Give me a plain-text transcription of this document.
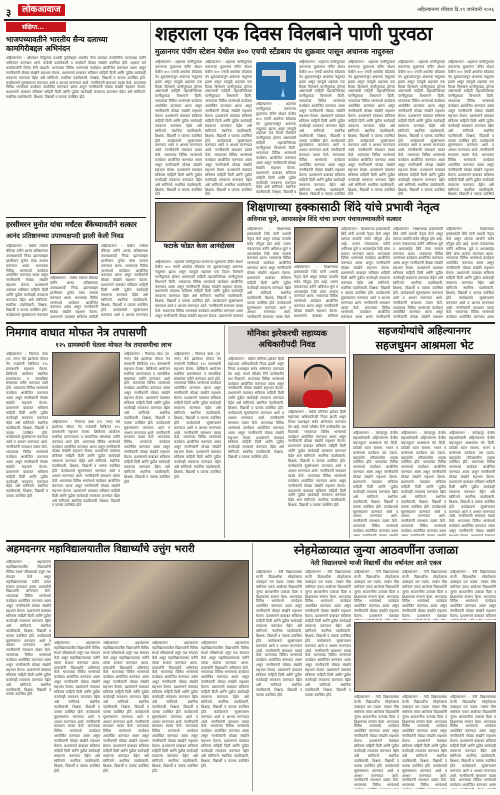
३	लोकआवाज	अहिल्यानगर रविवार दि.११ जानेवारी २०२६
संक्षिप्त...
भाजपच्यावतीने भारतीय सैन्य दलाच्या कामगिरीबद्दल अभिनंदन
अहिल्यानगर : ऑपरेशन सिंदूरच्या यशस्वी पूर्ततेबद्दल भारतीय सैन्य दलाच्या कामगिरीचे भाजपच्या वतीने अभिनंदन करण्यात आले. यावेळी पदाधिकारी व कार्यकर्ते मोठ्या संख्येने उपस्थित होते. शहरात सर्व कार्यकर्त्यांनी तिरंगा रॅली काढली. भारताच्या विविध भागांमध्ये कार्यक्रम आयोजित करण्यात आला असून नागरिकांनी मोठ्या संख्येने सहभाग घेतला. प्रशासनाने याबाबत सविस्तर माहिती दिली आणि पुढील कार्यवाही लवकरच करण्यात येईल असे सांगितले. स्थानिक पदाधिकारी, शिक्षक, विद्यार्थी व पालक उपस्थित होते. कार्यक्रमाचे सूत्रसंचालन करण्यात आले व आभार मानण्यात आले. नागरिकांनी समाधान व्यक्त केले. भारताच्या विविध भागांमध्ये कार्यक्रम आयोजित करण्यात आला असून नागरिकांनी मोठ्या संख्येने सहभाग घेतला. प्रशासनाने याबाबत सविस्तर माहिती दिली आणि पुढील कार्यवाही लवकरच करण्यात येईल असे सांगितले. स्थानिक पदाधिकारी, शिक्षक, विद्यार्थी व पालक उपस्थित होते.
हरसीमरन मुनोत यांचा मर्चंटस बँकेच्यावतीने सत्कार
आनंद प्रतिष्ठानच्या उपाध्यक्षपदी झाली केली निवड
अहिल्यानगर : येथील मर्चंटस बँकेच्या वतीने आनंद प्रतिष्ठानच्या उपाध्यक्षपदी निवड झाल्याबद्दल हरसीमरन मुनोत यांचा सत्कार करण्यात आला. भारताच्या विविध भागांमध्ये कार्यक्रम आयोजित करण्यात आला असून नागरिकांनी मोठ्या संख्येने सहभाग घेतला. प्रशासनाने याबाबत सविस्तर माहिती दिली आणि पुढील कार्यवाही लवकरच करण्यात येईल असे सांगितले. स्थानिक पदाधिकारी, शिक्षक, विद्यार्थी व पालक उपस्थित होते. कार्यक्रमाचे सूत्रसंचालन करण्यात आले व आभार मानण्यात आले. नागरिकांनी समाधान व्यक्त केले. भारताच्या विविध भागांमध्ये कार्यक्रम आयोजित करण्यात आला असून नागरिकांनी मोठ्या संख्येने सहभाग घेतला. प्रशासनाने याबाबत सविस्तर माहिती दिली आणि पुढील कार्यवाही लवकरच करण्यात येईल असे सांगितले. स्थानिक पदाधिकारी, शिक्षक, विद्यार्थी व पालक उपस्थित होते.
अहिल्यानगर : येथील मर्चंटस बँकेच्या वतीने आनंद प्रतिष्ठानच्या उपाध्यक्षपदी निवड झाल्याबद्दल हरसीमरन मुनोत यांचा सत्कार करण्यात आला. भारताच्या विविध भागांमध्ये कार्यक्रम आयोजित करण्यात आला असून नागरिकांनी मोठ्या संख्येने सहभाग घेतला. प्रशासनाने याबाबत सविस्तर माहिती दिली आणि पुढील कार्यवाही लवकरच करण्यात येईल असे सांगितले. स्थानिक पदाधिकारी, शिक्षक, विद्यार्थी व पालक उपस्थित होते. कार्यक्रमाचे सूत्रसंचालन करण्यात आले व आभार मानण्यात आले. नागरिकांनी समाधान व्यक्त केले. भारताच्या विविध भागांमध्ये कार्यक्रम आयोजित करण्यात आला असून नागरिकांनी मोठ्या संख्येने सहभाग घेतला. प्रशासनाने याबाबत सविस्तर माहिती दिली आणि पुढील कार्यवाही लवकरच करण्यात येईल असे सांगितले. स्थानिक पदाधिकारी, शिक्षक, विद्यार्थी व पालक उपस्थित होते.
अहिल्यानगर : येथील मर्चंटस बँकेच्या वतीने आनंद प्रतिष्ठानच्या उपाध्यक्षपदी निवड झाल्याबद्दल हरसीमरन मुनोत यांचा सत्कार करण्यात आला. भारताच्या विविध भागांमध्ये कार्यक्रम आयोजित करण्यात आला असून नागरिकांनी मोठ्या संख्येने सहभाग घेतला. प्रशासनाने याबाबत सविस्तर माहिती दिली आणि पुढील कार्यवाही लवकरच करण्यात येईल असे सांगितले. स्थानिक पदाधिकारी, शिक्षक, विद्यार्थी व पालक उपस्थित होते. कार्यक्रमाचे सूत्रसंचालन करण्यात आले व आभार मानण्यात आले. नागरिकांनी समाधान व्यक्त केले. भारताच्या विविध भागांमध्ये कार्यक्रम आयोजित करण्यात आला असून नागरिकांनी मोठ्या संख्येने सहभाग घेतला. प्रशासनाने याबाबत सविस्तर माहिती दिली आणि पुढील कार्यवाही लवकरच करण्यात येईल असे सांगितले. स्थानिक पदाधिकारी, शिक्षक, विद्यार्थी व पालक उपस्थित होते.
शहराला एक दिवस विलबाने पाणी पुरवठा
मुळानगर पंपींग स्टेशन येथील ४०० एचपी स्टँडबाय पंप शुक्रवार पासून अचानक नादुरुस्त
अहिल्यानगर : शहराला पाणीपुरवठा करणाऱ्या मुळानगर पंपिंग स्टेशन येथील ४०० एचपी क्षमतेचा स्टँडबाय पंप शुक्रवारपासून अचानक नादुरुस्त झाला असून त्यामुळे शहराला एक दिवस विलंबाने पाणीपुरवठा होणार असल्याची माहिती महापालिकेच्या पाणीपुरवठा विभागाने दिली. भारताच्या विविध भागांमध्ये कार्यक्रम आयोजित करण्यात आला असून नागरिकांनी मोठ्या संख्येने सहभाग घेतला. प्रशासनाने याबाबत सविस्तर माहिती दिली आणि पुढील कार्यवाही लवकरच करण्यात येईल असे सांगितले. स्थानिक पदाधिकारी, शिक्षक, विद्यार्थी व पालक उपस्थित होते. कार्यक्रमाचे सूत्रसंचालन करण्यात आले व आभार मानण्यात आले. नागरिकांनी समाधान व्यक्त केले. भारताच्या विविध भागांमध्ये कार्यक्रम आयोजित करण्यात आला असून नागरिकांनी मोठ्या संख्येने सहभाग घेतला. प्रशासनाने याबाबत सविस्तर माहिती दिली आणि पुढील कार्यवाही लवकरच करण्यात येईल असे सांगितले. स्थानिक पदाधिकारी, शिक्षक, विद्यार्थी व पालक उपस्थित होते.
अहिल्यानगर : शहराला पाणीपुरवठा करणाऱ्या मुळानगर पंपिंग स्टेशन येथील ४०० एचपी क्षमतेचा स्टँडबाय पंप शुक्रवारपासून अचानक नादुरुस्त झाला असून त्यामुळे शहराला एक दिवस विलंबाने पाणीपुरवठा होणार असल्याची माहिती महापालिकेच्या पाणीपुरवठा विभागाने दिली. भारताच्या विविध भागांमध्ये कार्यक्रम आयोजित करण्यात आला असून नागरिकांनी मोठ्या संख्येने सहभाग घेतला. प्रशासनाने याबाबत सविस्तर माहिती दिली आणि पुढील कार्यवाही लवकरच करण्यात येईल असे सांगितले. स्थानिक पदाधिकारी, शिक्षक, विद्यार्थी व पालक उपस्थित होते. कार्यक्रमाचे सूत्रसंचालन करण्यात आले व आभार मानण्यात आले. नागरिकांनी समाधान व्यक्त केले. भारताच्या विविध भागांमध्ये कार्यक्रम आयोजित करण्यात आला असून नागरिकांनी मोठ्या संख्येने सहभाग घेतला. प्रशासनाने याबाबत सविस्तर माहिती दिली आणि पुढील कार्यवाही लवकरच करण्यात येईल असे सांगितले. स्थानिक पदाधिकारी, शिक्षक, विद्यार्थी व पालक उपस्थित होते.
अहिल्यानगर : शहराला पाणीपुरवठा करणाऱ्या मुळानगर पंपिंग स्टेशन येथील ४०० एचपी क्षमतेचा स्टँडबाय पंप शुक्रवारपासून अचानक नादुरुस्त झाला असून त्यामुळे शहराला एक दिवस विलंबाने पाणीपुरवठा होणार असल्याची माहिती महापालिकेच्या पाणीपुरवठा विभागाने दिली. भारताच्या विविध भागांमध्ये कार्यक्रम आयोजित करण्यात आला असून नागरिकांनी मोठ्या संख्येने सहभाग घेतला. प्रशासनाने याबाबत सविस्तर माहिती दिली आणि पुढील कार्यवाही लवकरच करण्यात येईल असे सांगितले. स्थानिक पदाधिकारी, शिक्षक, विद्यार्थी व पालक उपस्थित होते. कार्यक्रमाचे सूत्रसंचालन करण्यात आले व आभार मानण्यात आले. नागरिकांनी समाधान व्यक्त केले. भारताच्या विविध भागांमध्ये कार्यक्रम आयोजित करण्यात आला असून नागरिकांनी मोठ्या संख्येने सहभाग घेतला. प्रशासनाने याबाबत सविस्तर माहिती दिली आणि पुढील कार्यवाही लवकरच करण्यात येईल असे सांगितले. स्थानिक पदाधिकारी, शिक्षक, विद्यार्थी व पालक उपस्थित होते.
अहिल्यानगर : शहराला पाणीपुरवठा करणाऱ्या मुळानगर पंपिंग स्टेशन येथील ४०० एचपी क्षमतेचा स्टँडबाय पंप शुक्रवारपासून अचानक नादुरुस्त झाला असून त्यामुळे शहराला एक दिवस विलंबाने पाणीपुरवठा होणार असल्याची माहिती महापालिकेच्या पाणीपुरवठा विभागाने दिली. भारताच्या विविध भागांमध्ये कार्यक्रम आयोजित करण्यात आला असून नागरिकांनी मोठ्या संख्येने सहभाग घेतला. प्रशासनाने याबाबत सविस्तर माहिती दिली आणि पुढील कार्यवाही लवकरच करण्यात येईल असे सांगितले. स्थानिक पदाधिकारी, शिक्षक, विद्यार्थी व पालक उपस्थित होते. कार्यक्रमाचे सूत्रसंचालन करण्यात आले व आभार मानण्यात आले. नागरिकांनी समाधान व्यक्त केले. भारताच्या विविध भागांमध्ये कार्यक्रम आयोजित करण्यात आला असून नागरिकांनी मोठ्या संख्येने सहभाग घेतला. प्रशासनाने याबाबत सविस्तर माहिती दिली आणि पुढील कार्यवाही लवकरच करण्यात येईल असे सांगितले. स्थानिक पदाधिकारी, शिक्षक, विद्यार्थी व पालक उपस्थित होते.
अहिल्यानगर : शहराला पाणीपुरवठा करणाऱ्या मुळानगर पंपिंग स्टेशन येथील ४०० एचपी क्षमतेचा स्टँडबाय पंप शुक्रवारपासून अचानक नादुरुस्त झाला असून त्यामुळे शहराला एक दिवस विलंबाने पाणीपुरवठा होणार असल्याची माहिती महापालिकेच्या पाणीपुरवठा विभागाने दिली. भारताच्या विविध भागांमध्ये कार्यक्रम आयोजित करण्यात आला असून नागरिकांनी मोठ्या संख्येने सहभाग घेतला. प्रशासनाने याबाबत सविस्तर माहिती दिली आणि पुढील कार्यवाही लवकरच करण्यात येईल असे सांगितले. स्थानिक पदाधिकारी, शिक्षक, विद्यार्थी व पालक उपस्थित होते. कार्यक्रमाचे सूत्रसंचालन करण्यात आले व आभार मानण्यात आले. नागरिकांनी समाधान व्यक्त केले. भारताच्या विविध भागांमध्ये कार्यक्रम आयोजित करण्यात आला असून नागरिकांनी मोठ्या संख्येने सहभाग घेतला. प्रशासनाने याबाबत सविस्तर माहिती दिली आणि पुढील कार्यवाही लवकरच करण्यात येईल असे सांगितले. स्थानिक पदाधिकारी, शिक्षक, विद्यार्थी व पालक उपस्थित होते.
अहिल्यानगर : शहराला पाणीपुरवठा करणाऱ्या मुळानगर पंपिंग स्टेशन येथील ४०० एचपी क्षमतेचा स्टँडबाय पंप शुक्रवारपासून अचानक नादुरुस्त झाला असून त्यामुळे शहराला एक दिवस विलंबाने पाणीपुरवठा होणार असल्याची माहिती महापालिकेच्या पाणीपुरवठा विभागाने दिली. भारताच्या विविध भागांमध्ये कार्यक्रम आयोजित करण्यात आला असून नागरिकांनी मोठ्या संख्येने सहभाग घेतला. प्रशासनाने याबाबत सविस्तर माहिती दिली आणि पुढील कार्यवाही लवकरच करण्यात येईल असे सांगितले. स्थानिक पदाधिकारी, शिक्षक, विद्यार्थी व पालक उपस्थित होते. कार्यक्रमाचे सूत्रसंचालन करण्यात आले व आभार मानण्यात आले. नागरिकांनी समाधान व्यक्त केले. भारताच्या विविध भागांमध्ये कार्यक्रम आयोजित करण्यात आला असून नागरिकांनी मोठ्या संख्येने सहभाग घेतला. प्रशासनाने याबाबत सविस्तर माहिती दिली आणि पुढील कार्यवाही लवकरच करण्यात येईल असे सांगितले. स्थानिक पदाधिकारी, शिक्षक, विद्यार्थी व पालक उपस्थित होते.
अहिल्यानगर : शहराला पाणीपुरवठा करणाऱ्या मुळानगर पंपिंग स्टेशन येथील ४०० एचपी क्षमतेचा स्टँडबाय पंप शुक्रवारपासून अचानक नादुरुस्त झाला असून त्यामुळे शहराला एक दिवस विलंबाने पाणीपुरवठा होणार असल्याची माहिती महापालिकेच्या पाणीपुरवठा विभागाने दिली. भारताच्या विविध भागांमध्ये कार्यक्रम आयोजित करण्यात आला असून नागरिकांनी मोठ्या संख्येने सहभाग घेतला. प्रशासनाने याबाबत सविस्तर माहिती दिली आणि पुढील कार्यवाही लवकरच करण्यात येईल असे सांगितले. स्थानिक पदाधिकारी, शिक्षक, विद्यार्थी व पालक उपस्थित होते. कार्यक्रमाचे सूत्रसंचालन करण्यात आले व आभार मानण्यात आले. नागरिकांनी समाधान व्यक्त केले. भारताच्या विविध भागांमध्ये कार्यक्रम आयोजित करण्यात आला असून नागरिकांनी मोठ्या संख्येने सहभाग घेतला. प्रशासनाने याबाबत सविस्तर माहिती दिली आणि पुढील कार्यवाही लवकरच करण्यात येईल असे सांगितले. स्थानिक पदाधिकारी, शिक्षक, विद्यार्थी व पालक उपस्थित होते.
फटाके फोडत केला आनंदोत्सव
अहिल्यानगर : शहराला पाणीपुरवठा करणाऱ्या मुळानगर पंपिंग स्टेशन येथील ४०० एचपी क्षमतेचा स्टँडबाय पंप शुक्रवारपासून अचानक नादुरुस्त झाला असून त्यामुळे शहराला एक दिवस विलंबाने पाणीपुरवठा होणार असल्याची माहिती महापालिकेच्या पाणीपुरवठा विभागाने दिली. भारताच्या विविध भागांमध्ये कार्यक्रम आयोजित करण्यात आला असून नागरिकांनी मोठ्या संख्येने सहभाग घेतला. प्रशासनाने याबाबत सविस्तर माहिती दिली आणि पुढील कार्यवाही लवकरच करण्यात येईल असे सांगितले. स्थानिक पदाधिकारी, शिक्षक, विद्यार्थी व पालक उपस्थित होते. कार्यक्रमाचे सूत्रसंचालन करण्यात आले व आभार मानण्यात आले. नागरिकांनी समाधान व्यक्त केले. भारताच्या विविध भागांमध्ये कार्यक्रम आयोजित करण्यात आला असून नागरिकांनी मोठ्या संख्येने सहभाग घेतला. प्रशासनाने याबाबत सविस्तर माहिती दिली आणि पुढील कार्यवाही लवकरच करण्यात येईल असे सांगितले. स्थानिक पदाधिकारी, शिक्षक, विद्यार्थी व पालक उपस्थित होते.
शिक्षणाच्या हक्कासाठी शिंदे यांचे प्रभावी नेतृत्व
अविनाश घुले, आपासाहेब शिंदे यांचा प्रभाग पंचायतच्यावतीने सत्कार
अहिल्यानगर : शिक्षणाच्या हक्कासाठी शिंदे यांनी प्रभावी नेतृत्व केले असून त्यांच्या कार्याचे सर्वत्र कौतुक होत आहे. प्रभाग पंचायतच्या वतीने अविनाश घुले व आपासाहेब शिंदे यांचा सत्कार करण्यात आला. भारताच्या विविध भागांमध्ये कार्यक्रम आयोजित करण्यात आला असून नागरिकांनी मोठ्या संख्येने सहभाग घेतला. प्रशासनाने याबाबत सविस्तर माहिती दिली आणि पुढील कार्यवाही लवकरच करण्यात येईल असे सांगितले. स्थानिक पदाधिकारी, शिक्षक, विद्यार्थी व पालक उपस्थित होते. कार्यक्रमाचे सूत्रसंचालन करण्यात आले व आभार मानण्यात आले. नागरिकांनी समाधान व्यक्त केले. भारताच्या विविध भागांमध्ये कार्यक्रम आयोजित करण्यात आला असून नागरिकांनी मोठ्या संख्येने सहभाग घेतला. प्रशासनाने याबाबत सविस्तर माहिती दिली आणि पुढील कार्यवाही लवकरच करण्यात येईल असे सांगितले. स्थानिक पदाधिकारी, शिक्षक, विद्यार्थी व पालक उपस्थित होते.
अहिल्यानगर : शिक्षणाच्या हक्कासाठी शिंदे यांनी प्रभावी नेतृत्व केले असून त्यांच्या कार्याचे सर्वत्र कौतुक होत आहे. प्रभाग पंचायतच्या वतीने अविनाश घुले व आपासाहेब शिंदे यांचा सत्कार करण्यात आला. भारताच्या विविध भागांमध्ये कार्यक्रम आयोजित करण्यात आला असून नागरिकांनी मोठ्या संख्येने सहभाग घेतला. प्रशासनाने याबाबत सविस्तर माहिती दिली आणि पुढील कार्यवाही लवकरच करण्यात येईल असे सांगितले. स्थानिक पदाधिकारी, शिक्षक, विद्यार्थी व पालक उपस्थित होते. कार्यक्रमाचे सूत्रसंचालन करण्यात आले व आभार मानण्यात आले. नागरिकांनी समाधान व्यक्त केले. भारताच्या विविध भागांमध्ये कार्यक्रम आयोजित करण्यात आला असून नागरिकांनी मोठ्या संख्येने सहभाग घेतला. प्रशासनाने याबाबत सविस्तर माहिती दिली आणि पुढील कार्यवाही लवकरच करण्यात येईल असे सांगितले. स्थानिक पदाधिकारी, शिक्षक, विद्यार्थी व पालक उपस्थित होते.
अहिल्यानगर : शिक्षणाच्या हक्कासाठी शिंदे यांनी प्रभावी नेतृत्व केले असून त्यांच्या कार्याचे सर्वत्र कौतुक होत आहे. प्रभाग पंचायतच्या वतीने अविनाश घुले व आपासाहेब शिंदे यांचा सत्कार करण्यात आला. भारताच्या विविध भागांमध्ये कार्यक्रम आयोजित करण्यात आला असून नागरिकांनी मोठ्या संख्येने सहभाग घेतला. प्रशासनाने याबाबत सविस्तर माहिती दिली आणि पुढील कार्यवाही लवकरच करण्यात येईल असे सांगितले. स्थानिक पदाधिकारी, शिक्षक, विद्यार्थी व पालक उपस्थित होते. कार्यक्रमाचे सूत्रसंचालन करण्यात आले व आभार मानण्यात आले. नागरिकांनी समाधान व्यक्त केले. भारताच्या विविध भागांमध्ये कार्यक्रम आयोजित करण्यात आला असून नागरिकांनी मोठ्या संख्येने सहभाग घेतला. प्रशासनाने याबाबत सविस्तर माहिती दिली आणि पुढील कार्यवाही लवकरच करण्यात येईल असे सांगितले. स्थानिक पदाधिकारी, शिक्षक, विद्यार्थी व पालक उपस्थित होते.
अहिल्यानगर : शिक्षणाच्या हक्कासाठी शिंदे यांनी प्रभावी नेतृत्व केले असून त्यांच्या कार्याचे सर्वत्र कौतुक होत आहे. प्रभाग पंचायतच्या वतीने अविनाश घुले व आपासाहेब शिंदे यांचा सत्कार करण्यात आला. भारताच्या विविध भागांमध्ये कार्यक्रम आयोजित करण्यात आला असून नागरिकांनी मोठ्या संख्येने सहभाग घेतला. प्रशासनाने याबाबत सविस्तर माहिती दिली आणि पुढील कार्यवाही लवकरच करण्यात येईल असे सांगितले. स्थानिक पदाधिकारी, शिक्षक, विद्यार्थी व पालक उपस्थित होते. कार्यक्रमाचे सूत्रसंचालन करण्यात आले व आभार मानण्यात आले. नागरिकांनी समाधान व्यक्त केले. भारताच्या विविध भागांमध्ये कार्यक्रम आयोजित करण्यात आला असून नागरिकांनी मोठ्या संख्येने सहभाग घेतला. प्रशासनाने याबाबत सविस्तर माहिती दिली आणि पुढील कार्यवाही लवकरच करण्यात येईल असे सांगितले. स्थानिक पदाधिकारी, शिक्षक, विद्यार्थी व पालक उपस्थित होते.
अहिल्यानगर : शिक्षणाच्या हक्कासाठी शिंदे यांनी प्रभावी नेतृत्व केले असून त्यांच्या कार्याचे सर्वत्र कौतुक होत आहे. प्रभाग पंचायतच्या वतीने अविनाश घुले व आपासाहेब शिंदे यांचा सत्कार करण्यात आला. भारताच्या विविध भागांमध्ये कार्यक्रम आयोजित करण्यात आला असून नागरिकांनी मोठ्या संख्येने सहभाग घेतला. प्रशासनाने याबाबत सविस्तर माहिती दिली आणि पुढील कार्यवाही लवकरच करण्यात येईल असे सांगितले. स्थानिक पदाधिकारी, शिक्षक, विद्यार्थी व पालक उपस्थित होते. कार्यक्रमाचे सूत्रसंचालन करण्यात आले व आभार मानण्यात आले. नागरिकांनी समाधान व्यक्त केले. भारताच्या विविध भागांमध्ये कार्यक्रम आयोजित करण्यात आला असून नागरिकांनी मोठ्या संख्येने सहभाग घेतला. प्रशासनाने याबाबत सविस्तर माहिती दिली आणि पुढील कार्यवाही लवकरच करण्यात येईल असे सांगितले. स्थानिक पदाधिकारी, शिक्षक, विद्यार्थी व पालक उपस्थित होते.
निमगाव वाघात मोफत नेत्र तपासणी
१२५ ग्रामस्थांनी घेतला मोफत नेत्र तपासणीचा लाभ
अहिल्यानगर : निमगाव वाघा (ता. नगर) येथे झालेल्या मोफत नेत्र तपासणी शिबिरात १२५ ग्रामस्थांनी सहभाग घेतला. शिबिराचे आयोजन स्थानिक ग्रामपंचायत व सामाजिक संस्थांच्या वतीने करण्यात आले होते. भारताच्या विविध भागांमध्ये कार्यक्रम आयोजित करण्यात आला असून नागरिकांनी मोठ्या संख्येने सहभाग घेतला. प्रशासनाने याबाबत सविस्तर माहिती दिली आणि पुढील कार्यवाही लवकरच करण्यात येईल असे सांगितले. स्थानिक पदाधिकारी, शिक्षक, विद्यार्थी व पालक उपस्थित होते. कार्यक्रमाचे सूत्रसंचालन करण्यात आले व आभार मानण्यात आले. नागरिकांनी समाधान व्यक्त केले. भारताच्या विविध भागांमध्ये कार्यक्रम आयोजित करण्यात आला असून नागरिकांनी मोठ्या संख्येने सहभाग घेतला. प्रशासनाने याबाबत सविस्तर माहिती दिली आणि पुढील कार्यवाही लवकरच करण्यात येईल असे सांगितले. स्थानिक पदाधिकारी, शिक्षक, विद्यार्थी व पालक उपस्थित होते.
अहिल्यानगर : निमगाव वाघा (ता. नगर) येथे झालेल्या मोफत नेत्र तपासणी शिबिरात १२५ ग्रामस्थांनी सहभाग घेतला. शिबिराचे आयोजन स्थानिक ग्रामपंचायत व सामाजिक संस्थांच्या वतीने करण्यात आले होते. भारताच्या विविध भागांमध्ये कार्यक्रम आयोजित करण्यात आला असून नागरिकांनी मोठ्या संख्येने सहभाग घेतला. प्रशासनाने याबाबत सविस्तर माहिती दिली आणि पुढील कार्यवाही लवकरच करण्यात येईल असे सांगितले. स्थानिक पदाधिकारी, शिक्षक, विद्यार्थी व पालक उपस्थित होते. कार्यक्रमाचे सूत्रसंचालन करण्यात आले व आभार मानण्यात आले. नागरिकांनी समाधान व्यक्त केले. भारताच्या विविध भागांमध्ये कार्यक्रम आयोजित करण्यात आला असून नागरिकांनी मोठ्या संख्येने सहभाग घेतला. प्रशासनाने याबाबत सविस्तर माहिती दिली आणि पुढील कार्यवाही लवकरच करण्यात येईल असे सांगितले. स्थानिक पदाधिकारी, शिक्षक, विद्यार्थी व पालक उपस्थित होते.
अहिल्यानगर : निमगाव वाघा (ता. नगर) येथे झालेल्या मोफत नेत्र तपासणी शिबिरात १२५ ग्रामस्थांनी सहभाग घेतला. शिबिराचे आयोजन स्थानिक ग्रामपंचायत व सामाजिक संस्थांच्या वतीने करण्यात आले होते. भारताच्या विविध भागांमध्ये कार्यक्रम आयोजित करण्यात आला असून नागरिकांनी मोठ्या संख्येने सहभाग घेतला. प्रशासनाने याबाबत सविस्तर माहिती दिली आणि पुढील कार्यवाही लवकरच करण्यात येईल असे सांगितले. स्थानिक पदाधिकारी, शिक्षक, विद्यार्थी व पालक उपस्थित होते. कार्यक्रमाचे सूत्रसंचालन करण्यात आले व आभार मानण्यात आले. नागरिकांनी समाधान व्यक्त केले. भारताच्या विविध भागांमध्ये कार्यक्रम आयोजित करण्यात आला असून नागरिकांनी मोठ्या संख्येने सहभाग घेतला. प्रशासनाने याबाबत सविस्तर माहिती दिली आणि पुढील कार्यवाही लवकरच करण्यात येईल असे सांगितले. स्थानिक पदाधिकारी, शिक्षक, विद्यार्थी व पालक उपस्थित होते.
अहिल्यानगर : निमगाव वाघा (ता. नगर) येथे झालेल्या मोफत नेत्र तपासणी शिबिरात १२५ ग्रामस्थांनी सहभाग घेतला. शिबिराचे आयोजन स्थानिक ग्रामपंचायत व सामाजिक संस्थांच्या वतीने करण्यात आले होते. भारताच्या विविध भागांमध्ये कार्यक्रम आयोजित करण्यात आला असून नागरिकांनी मोठ्या संख्येने सहभाग घेतला. प्रशासनाने याबाबत सविस्तर माहिती दिली आणि पुढील कार्यवाही लवकरच करण्यात येईल असे सांगितले. स्थानिक पदाधिकारी, शिक्षक, विद्यार्थी व पालक उपस्थित होते. कार्यक्रमाचे सूत्रसंचालन करण्यात आले व आभार मानण्यात आले. नागरिकांनी समाधान व्यक्त केले. भारताच्या विविध भागांमध्ये कार्यक्रम आयोजित करण्यात आला असून नागरिकांनी मोठ्या संख्येने सहभाग घेतला. प्रशासनाने याबाबत सविस्तर माहिती दिली आणि पुढील कार्यवाही लवकरच करण्यात येईल असे सांगितले. स्थानिक पदाधिकारी, शिक्षक, विद्यार्थी व पालक उपस्थित होते.
मोनिका झरेकरची सहाय्यक अधिकारीपदी निवड
अहिल्यानगर : येथील मोनिका झरेकर हिची सहाय्यक अधिकारीपदी निवड झाली असून तिच्या यशाबद्दल सर्वत्र अभिनंदन करण्यात येत आहे. स्पर्धा परीक्षेत तिने उल्लेखनीय यश मिळवले. भारताच्या विविध भागांमध्ये कार्यक्रम आयोजित करण्यात आला असून नागरिकांनी मोठ्या संख्येने सहभाग घेतला. प्रशासनाने याबाबत सविस्तर माहिती दिली आणि पुढील कार्यवाही लवकरच करण्यात येईल असे सांगितले. स्थानिक पदाधिकारी, शिक्षक, विद्यार्थी व पालक उपस्थित होते. कार्यक्रमाचे सूत्रसंचालन करण्यात आले व आभार मानण्यात आले. नागरिकांनी समाधान व्यक्त केले. भारताच्या विविध भागांमध्ये कार्यक्रम आयोजित करण्यात आला असून नागरिकांनी मोठ्या संख्येने सहभाग घेतला. प्रशासनाने याबाबत सविस्तर माहिती दिली आणि पुढील कार्यवाही लवकरच करण्यात येईल असे सांगितले. स्थानिक पदाधिकारी, शिक्षक, विद्यार्थी व पालक उपस्थित होते.
अहिल्यानगर : येथील मोनिका झरेकर हिची सहाय्यक अधिकारीपदी निवड झाली असून तिच्या यशाबद्दल सर्वत्र अभिनंदन करण्यात येत आहे. स्पर्धा परीक्षेत तिने उल्लेखनीय यश मिळवले. भारताच्या विविध भागांमध्ये कार्यक्रम आयोजित करण्यात आला असून नागरिकांनी मोठ्या संख्येने सहभाग घेतला. प्रशासनाने याबाबत सविस्तर माहिती दिली आणि पुढील कार्यवाही लवकरच करण्यात येईल असे सांगितले. स्थानिक पदाधिकारी, शिक्षक, विद्यार्थी व पालक उपस्थित होते. कार्यक्रमाचे सूत्रसंचालन करण्यात आले व आभार मानण्यात आले. नागरिकांनी समाधान व्यक्त केले. भारताच्या विविध भागांमध्ये कार्यक्रम आयोजित करण्यात आला असून नागरिकांनी मोठ्या संख्येने सहभाग घेतला. प्रशासनाने याबाबत सविस्तर माहिती दिली आणि पुढील कार्यवाही लवकरच करण्यात येईल असे सांगितले. स्थानिक पदाधिकारी, शिक्षक, विद्यार्थी व पालक उपस्थित होते.
सहजयोग्यांचे अहिल्यानगर
सहजधुमन आश्रमला भेट
अहिल्यानगर : कोल्हापूर येथील सहजयोग्यांनी अहिल्यानगर येथील सहजधुमन आश्रमाला भेट दिली. यावेळी ध्यान साधना, भजन व सत्संगाचा कार्यक्रम पार पडला. सहजयोग परिवारातील सदस्य उपस्थित होते. भारताच्या विविध भागांमध्ये कार्यक्रम आयोजित करण्यात आला असून नागरिकांनी मोठ्या संख्येने सहभाग घेतला. प्रशासनाने याबाबत सविस्तर माहिती दिली आणि पुढील कार्यवाही लवकरच करण्यात येईल असे सांगितले. स्थानिक पदाधिकारी, शिक्षक, विद्यार्थी व पालक उपस्थित होते. कार्यक्रमाचे सूत्रसंचालन करण्यात आले व आभार मानण्यात आले. नागरिकांनी समाधान व्यक्त केले. भारताच्या विविध भागांमध्ये कार्यक्रम आयोजित करण्यात आला असून नागरिकांनी मोठ्या संख्येने सहभाग घेतला. प्रशासनाने याबाबत सविस्तर माहिती दिली आणि पुढील कार्यवाही लवकरच करण्यात येईल असे सांगितले. स्थानिक पदाधिकारी, शिक्षक, विद्यार्थी व पालक उपस्थित होते.
अहिल्यानगर : कोल्हापूर येथील सहजयोग्यांनी अहिल्यानगर येथील सहजधुमन आश्रमाला भेट दिली. यावेळी ध्यान साधना, भजन व सत्संगाचा कार्यक्रम पार पडला. सहजयोग परिवारातील सदस्य उपस्थित होते. भारताच्या विविध भागांमध्ये कार्यक्रम आयोजित करण्यात आला असून नागरिकांनी मोठ्या संख्येने सहभाग घेतला. प्रशासनाने याबाबत सविस्तर माहिती दिली आणि पुढील कार्यवाही लवकरच करण्यात येईल असे सांगितले. स्थानिक पदाधिकारी, शिक्षक, विद्यार्थी व पालक उपस्थित होते. कार्यक्रमाचे सूत्रसंचालन करण्यात आले व आभार मानण्यात आले. नागरिकांनी समाधान व्यक्त केले. भारताच्या विविध भागांमध्ये कार्यक्रम आयोजित करण्यात आला असून नागरिकांनी मोठ्या संख्येने सहभाग घेतला. प्रशासनाने याबाबत सविस्तर माहिती दिली आणि पुढील कार्यवाही लवकरच करण्यात येईल असे सांगितले. स्थानिक पदाधिकारी, शिक्षक, विद्यार्थी व पालक उपस्थित होते.
अहिल्यानगर : कोल्हापूर येथील सहजयोग्यांनी अहिल्यानगर येथील सहजधुमन आश्रमाला भेट दिली. यावेळी ध्यान साधना, भजन व सत्संगाचा कार्यक्रम पार पडला. सहजयोग परिवारातील सदस्य उपस्थित होते. भारताच्या विविध भागांमध्ये कार्यक्रम आयोजित करण्यात आला असून नागरिकांनी मोठ्या संख्येने सहभाग घेतला. प्रशासनाने याबाबत सविस्तर माहिती दिली आणि पुढील कार्यवाही लवकरच करण्यात येईल असे सांगितले. स्थानिक पदाधिकारी, शिक्षक, विद्यार्थी व पालक उपस्थित होते. कार्यक्रमाचे सूत्रसंचालन करण्यात आले व आभार मानण्यात आले. नागरिकांनी समाधान व्यक्त केले. भारताच्या विविध भागांमध्ये कार्यक्रम आयोजित करण्यात आला असून नागरिकांनी मोठ्या संख्येने सहभाग घेतला. प्रशासनाने याबाबत सविस्तर माहिती दिली आणि पुढील कार्यवाही लवकरच करण्यात येईल असे सांगितले. स्थानिक पदाधिकारी, शिक्षक, विद्यार्थी व पालक उपस्थित होते.
अहमदनगर महाविद्यालयातील विद्यार्थ्यांचे उत्तुंग भरारी
अहिल्यानगर : अहमदनगर महाविद्यालयातील विद्यार्थ्यांनी विविध स्पर्धा परीक्षांमध्ये उत्तुंग यश संपादन केले असून महाविद्यालयाच्या वतीने त्यांचा सत्कार करण्यात आला. प्राचार्यांनी विद्यार्थ्यांचे अभिनंदन केले. भारताच्या विविध भागांमध्ये कार्यक्रम आयोजित करण्यात आला असून नागरिकांनी मोठ्या संख्येने सहभाग घेतला. प्रशासनाने याबाबत सविस्तर माहिती दिली आणि पुढील कार्यवाही लवकरच करण्यात येईल असे सांगितले. स्थानिक पदाधिकारी, शिक्षक, विद्यार्थी व पालक उपस्थित होते. कार्यक्रमाचे सूत्रसंचालन करण्यात आले व आभार मानण्यात आले. नागरिकांनी समाधान व्यक्त केले. भारताच्या विविध भागांमध्ये कार्यक्रम आयोजित करण्यात आला असून नागरिकांनी मोठ्या संख्येने सहभाग घेतला. प्रशासनाने याबाबत सविस्तर माहिती दिली आणि पुढील कार्यवाही लवकरच करण्यात येईल असे सांगितले. स्थानिक पदाधिकारी, शिक्षक, विद्यार्थी व पालक उपस्थित होते.
अहिल्यानगर : अहमदनगर महाविद्यालयातील विद्यार्थ्यांनी विविध स्पर्धा परीक्षांमध्ये उत्तुंग यश संपादन केले असून महाविद्यालयाच्या वतीने त्यांचा सत्कार करण्यात आला. प्राचार्यांनी विद्यार्थ्यांचे अभिनंदन केले. भारताच्या विविध भागांमध्ये कार्यक्रम आयोजित करण्यात आला असून नागरिकांनी मोठ्या संख्येने सहभाग घेतला. प्रशासनाने याबाबत सविस्तर माहिती दिली आणि पुढील कार्यवाही लवकरच करण्यात येईल असे सांगितले. स्थानिक पदाधिकारी, शिक्षक, विद्यार्थी व पालक उपस्थित होते. कार्यक्रमाचे सूत्रसंचालन करण्यात आले व आभार मानण्यात आले. नागरिकांनी समाधान व्यक्त केले. भारताच्या विविध भागांमध्ये कार्यक्रम आयोजित करण्यात आला असून नागरिकांनी मोठ्या संख्येने सहभाग घेतला. प्रशासनाने याबाबत सविस्तर माहिती दिली आणि पुढील कार्यवाही लवकरच करण्यात येईल असे सांगितले. स्थानिक पदाधिकारी, शिक्षक, विद्यार्थी व पालक उपस्थित होते.
अहिल्यानगर : अहमदनगर महाविद्यालयातील विद्यार्थ्यांनी विविध स्पर्धा परीक्षांमध्ये उत्तुंग यश संपादन केले असून महाविद्यालयाच्या वतीने त्यांचा सत्कार करण्यात आला. प्राचार्यांनी विद्यार्थ्यांचे अभिनंदन केले. भारताच्या विविध भागांमध्ये कार्यक्रम आयोजित करण्यात आला असून नागरिकांनी मोठ्या संख्येने सहभाग घेतला. प्रशासनाने याबाबत सविस्तर माहिती दिली आणि पुढील कार्यवाही लवकरच करण्यात येईल असे सांगितले. स्थानिक पदाधिकारी, शिक्षक, विद्यार्थी व पालक उपस्थित होते. कार्यक्रमाचे सूत्रसंचालन करण्यात आले व आभार मानण्यात आले. नागरिकांनी समाधान व्यक्त केले. भारताच्या विविध भागांमध्ये कार्यक्रम आयोजित करण्यात आला असून नागरिकांनी मोठ्या संख्येने सहभाग घेतला. प्रशासनाने याबाबत सविस्तर माहिती दिली आणि पुढील कार्यवाही लवकरच करण्यात येईल असे सांगितले. स्थानिक पदाधिकारी, शिक्षक, विद्यार्थी व पालक उपस्थित होते.
अहिल्यानगर : अहमदनगर महाविद्यालयातील विद्यार्थ्यांनी विविध स्पर्धा परीक्षांमध्ये उत्तुंग यश संपादन केले असून महाविद्यालयाच्या वतीने त्यांचा सत्कार करण्यात आला. प्राचार्यांनी विद्यार्थ्यांचे अभिनंदन केले. भारताच्या विविध भागांमध्ये कार्यक्रम आयोजित करण्यात आला असून नागरिकांनी मोठ्या संख्येने सहभाग घेतला. प्रशासनाने याबाबत सविस्तर माहिती दिली आणि पुढील कार्यवाही लवकरच करण्यात येईल असे सांगितले. स्थानिक पदाधिकारी, शिक्षक, विद्यार्थी व पालक उपस्थित होते. कार्यक्रमाचे सूत्रसंचालन करण्यात आले व आभार मानण्यात आले. नागरिकांनी समाधान व्यक्त केले. भारताच्या विविध भागांमध्ये कार्यक्रम आयोजित करण्यात आला असून नागरिकांनी मोठ्या संख्येने सहभाग घेतला. प्रशासनाने याबाबत सविस्तर माहिती दिली आणि पुढील कार्यवाही लवकरच करण्यात येईल असे सांगितले. स्थानिक पदाधिकारी, शिक्षक, विद्यार्थी व पालक उपस्थित होते.
अहिल्यानगर : अहमदनगर महाविद्यालयातील विद्यार्थ्यांनी विविध स्पर्धा परीक्षांमध्ये उत्तुंग यश संपादन केले असून महाविद्यालयाच्या वतीने त्यांचा सत्कार करण्यात आला. प्राचार्यांनी विद्यार्थ्यांचे अभिनंदन केले. भारताच्या विविध भागांमध्ये कार्यक्रम आयोजित करण्यात आला असून नागरिकांनी मोठ्या संख्येने सहभाग घेतला. प्रशासनाने याबाबत सविस्तर माहिती दिली आणि पुढील कार्यवाही लवकरच करण्यात येईल असे सांगितले. स्थानिक पदाधिकारी, शिक्षक, विद्यार्थी व पालक उपस्थित होते. कार्यक्रमाचे सूत्रसंचालन करण्यात आले व आभार मानण्यात आले. नागरिकांनी समाधान व्यक्त केले. भारताच्या विविध भागांमध्ये कार्यक्रम आयोजित करण्यात आला असून नागरिकांनी मोठ्या संख्येने सहभाग घेतला. प्रशासनाने याबाबत सविस्तर माहिती दिली आणि पुढील कार्यवाही लवकरच करण्यात येईल असे सांगितले. स्थानिक पदाधिकारी, शिक्षक, विद्यार्थी व पालक उपस्थित होते.
स्नेहमेळाव्यात जुन्या आठवणींना उजाळा
नेती विद्यालयाचे माजी विद्यार्थी वीस वर्षानंतर आले एकत्र
अहिल्यानगर : नेती विद्यालयाच्या माजी विद्यार्थ्यांचा स्नेहमेळावा उत्साहात पार पडला. तब्बल वीस वर्षांनंतर एकत्र आलेल्या विद्यार्थ्यांनी जुन्या आठवणींना उजाळा दिला व शिक्षकांचा सन्मान केला. भारताच्या विविध भागांमध्ये कार्यक्रम आयोजित करण्यात आला असून नागरिकांनी मोठ्या संख्येने सहभाग घेतला. प्रशासनाने याबाबत सविस्तर माहिती दिली आणि पुढील कार्यवाही लवकरच करण्यात येईल असे सांगितले. स्थानिक पदाधिकारी, शिक्षक, विद्यार्थी व पालक उपस्थित होते. कार्यक्रमाचे सूत्रसंचालन करण्यात आले व आभार मानण्यात आले. नागरिकांनी समाधान व्यक्त केले. भारताच्या विविध भागांमध्ये कार्यक्रम आयोजित करण्यात आला असून नागरिकांनी मोठ्या संख्येने सहभाग घेतला. प्रशासनाने याबाबत सविस्तर माहिती दिली आणि पुढील कार्यवाही लवकरच करण्यात येईल असे सांगितले. स्थानिक पदाधिकारी, शिक्षक, विद्यार्थी व पालक उपस्थित होते.
अहिल्यानगर : नेती विद्यालयाच्या माजी विद्यार्थ्यांचा स्नेहमेळावा उत्साहात पार पडला. तब्बल वीस वर्षांनंतर एकत्र आलेल्या विद्यार्थ्यांनी जुन्या आठवणींना उजाळा दिला व शिक्षकांचा सन्मान केला. भारताच्या विविध भागांमध्ये कार्यक्रम आयोजित करण्यात आला असून नागरिकांनी मोठ्या संख्येने सहभाग घेतला. प्रशासनाने याबाबत सविस्तर माहिती दिली आणि पुढील कार्यवाही लवकरच करण्यात येईल असे सांगितले. स्थानिक पदाधिकारी, शिक्षक, विद्यार्थी व पालक उपस्थित होते. कार्यक्रमाचे सूत्रसंचालन करण्यात आले व आभार मानण्यात आले. नागरिकांनी समाधान व्यक्त केले. भारताच्या विविध भागांमध्ये कार्यक्रम आयोजित करण्यात आला असून नागरिकांनी मोठ्या संख्येने सहभाग घेतला. प्रशासनाने याबाबत सविस्तर माहिती दिली आणि पुढील कार्यवाही लवकरच करण्यात येईल असे सांगितले. स्थानिक पदाधिकारी, शिक्षक, विद्यार्थी व पालक उपस्थित होते.
अहिल्यानगर : नेती विद्यालयाच्या माजी विद्यार्थ्यांचा स्नेहमेळावा उत्साहात पार पडला. तब्बल वीस वर्षांनंतर एकत्र आलेल्या विद्यार्थ्यांनी जुन्या आठवणींना उजाळा दिला व शिक्षकांचा सन्मान केला. भारताच्या विविध भागांमध्ये कार्यक्रम आयोजित करण्यात आला असून नागरिकांनी मोठ्या संख्येने सहभाग घेतला. प्रशासनाने याबाबत सविस्तर माहिती दिली आणि पुढील कार्यवाही लवकरच करण्यात येईल असे सांगितले. स्थानिक पदाधिकारी, शिक्षक, विद्यार्थी व पालक उपस्थित होते. कार्यक्रमाचे सूत्रसंचालन करण्यात आले व आभार मानण्यात आले. नागरिकांनी समाधान व्यक्त केले. भारताच्या विविध भागांमध्ये कार्यक्रम आयोजित करण्यात आला असून नागरिकांनी मोठ्या संख्येने सहभाग घेतला. प्रशासनाने याबाबत सविस्तर माहिती दिली आणि पुढील कार्यवाही लवकरच करण्यात येईल असे सांगितले. स्थानिक पदाधिकारी, शिक्षक, विद्यार्थी व पालक उपस्थित होते.
अहिल्यानगर : नेती विद्यालयाच्या माजी विद्यार्थ्यांचा स्नेहमेळावा उत्साहात पार पडला. तब्बल वीस वर्षांनंतर एकत्र आलेल्या विद्यार्थ्यांनी जुन्या आठवणींना उजाळा दिला व शिक्षकांचा सन्मान केला. भारताच्या विविध भागांमध्ये कार्यक्रम आयोजित करण्यात आला असून नागरिकांनी मोठ्या संख्येने सहभाग घेतला. प्रशासनाने याबाबत सविस्तर माहिती दिली आणि पुढील कार्यवाही लवकरच करण्यात येईल असे सांगितले. स्थानिक पदाधिकारी, शिक्षक, विद्यार्थी व पालक उपस्थित होते. कार्यक्रमाचे सूत्रसंचालन करण्यात आले व आभार मानण्यात आले. नागरिकांनी समाधान व्यक्त केले. भारताच्या विविध भागांमध्ये कार्यक्रम आयोजित करण्यात आला असून नागरिकांनी मोठ्या संख्येने सहभाग घेतला. प्रशासनाने याबाबत सविस्तर माहिती दिली आणि पुढील कार्यवाही लवकरच करण्यात येईल असे सांगितले. स्थानिक पदाधिकारी, शिक्षक, विद्यार्थी व पालक उपस्थित होते.
अहिल्यानगर : नेती विद्यालयाच्या माजी विद्यार्थ्यांचा स्नेहमेळावा उत्साहात पार पडला. तब्बल वीस वर्षांनंतर एकत्र आलेल्या विद्यार्थ्यांनी जुन्या आठवणींना उजाळा दिला व शिक्षकांचा सन्मान केला. भारताच्या विविध भागांमध्ये कार्यक्रम आयोजित करण्यात आला असून नागरिकांनी मोठ्या संख्येने सहभाग घेतला. प्रशासनाने याबाबत सविस्तर माहिती दिली आणि पुढील कार्यवाही लवकरच करण्यात येईल असे सांगितले. स्थानिक पदाधिकारी, शिक्षक, विद्यार्थी व पालक उपस्थित होते. कार्यक्रमाचे सूत्रसंचालन करण्यात आले व आभार मानण्यात आले. नागरिकांनी समाधान व्यक्त केले. भारताच्या विविध भागांमध्ये कार्यक्रम आयोजित करण्यात आला असून नागरिकांनी मोठ्या संख्येने सहभाग घेतला. प्रशासनाने याबाबत सविस्तर माहिती दिली आणि पुढील कार्यवाही लवकरच करण्यात येईल असे सांगितले. स्थानिक पदाधिकारी, शिक्षक, विद्यार्थी व पालक उपस्थित होते.
अहिल्यानगर : नेती विद्यालयाच्या माजी विद्यार्थ्यांचा स्नेहमेळावा उत्साहात पार पडला. तब्बल वीस वर्षांनंतर एकत्र आलेल्या विद्यार्थ्यांनी जुन्या आठवणींना उजाळा दिला व शिक्षकांचा सन्मान केला. भारताच्या विविध भागांमध्ये कार्यक्रम आयोजित करण्यात आला असून नागरिकांनी मोठ्या संख्येने सहभाग घेतला. प्रशासनाने याबाबत सविस्तर माहिती दिली आणि पुढील कार्यवाही लवकरच करण्यात येईल असे सांगितले. स्थानिक पदाधिकारी, शिक्षक, विद्यार्थी व पालक उपस्थित होते. कार्यक्रमाचे सूत्रसंचालन करण्यात आले व आभार मानण्यात आले. नागरिकांनी समाधान व्यक्त केले. भारताच्या विविध भागांमध्ये कार्यक्रम आयोजित करण्यात आला असून नागरिकांनी मोठ्या संख्येने सहभाग घेतला. प्रशासनाने याबाबत सविस्तर माहिती दिली आणि पुढील कार्यवाही लवकरच करण्यात येईल असे सांगितले. स्थानिक पदाधिकारी, शिक्षक, विद्यार्थी व पालक उपस्थित होते.
अहिल्यानगर : नेती विद्यालयाच्या माजी विद्यार्थ्यांचा स्नेहमेळावा उत्साहात पार पडला. तब्बल वीस वर्षांनंतर एकत्र आलेल्या विद्यार्थ्यांनी जुन्या आठवणींना उजाळा दिला व शिक्षकांचा सन्मान केला. भारताच्या विविध भागांमध्ये कार्यक्रम आयोजित करण्यात आला असून नागरिकांनी मोठ्या संख्येने सहभाग घेतला. प्रशासनाने याबाबत सविस्तर माहिती दिली आणि पुढील कार्यवाही लवकरच करण्यात येईल असे सांगितले. स्थानिक पदाधिकारी, शिक्षक, विद्यार्थी व पालक उपस्थित होते. कार्यक्रमाचे सूत्रसंचालन करण्यात आले व आभार मानण्यात आले. नागरिकांनी समाधान व्यक्त केले. भारताच्या विविध भागांमध्ये कार्यक्रम आयोजित करण्यात आला असून नागरिकांनी मोठ्या संख्येने सहभाग घेतला. प्रशासनाने याबाबत सविस्तर माहिती दिली आणि पुढील कार्यवाही लवकरच करण्यात येईल असे सांगितले. स्थानिक पदाधिकारी, शिक्षक, विद्यार्थी व पालक उपस्थित होते.
अहिल्यानगर : नेती विद्यालयाच्या माजी विद्यार्थ्यांचा स्नेहमेळावा उत्साहात पार पडला. तब्बल वीस वर्षांनंतर एकत्र आलेल्या विद्यार्थ्यांनी जुन्या आठवणींना उजाळा दिला व शिक्षकांचा सन्मान केला. भारताच्या विविध भागांमध्ये कार्यक्रम आयोजित करण्यात आला असून नागरिकांनी मोठ्या संख्येने सहभाग घेतला. प्रशासनाने याबाबत सविस्तर माहिती दिली आणि पुढील कार्यवाही लवकरच करण्यात येईल असे सांगितले. स्थानिक पदाधिकारी, शिक्षक, विद्यार्थी व पालक उपस्थित होते. कार्यक्रमाचे सूत्रसंचालन करण्यात आले व आभार मानण्यात आले. नागरिकांनी समाधान व्यक्त केले. भारताच्या विविध भागांमध्ये कार्यक्रम आयोजित करण्यात आला असून नागरिकांनी मोठ्या संख्येने सहभाग घेतला. प्रशासनाने याबाबत सविस्तर माहिती दिली आणि पुढील कार्यवाही लवकरच करण्यात येईल असे सांगितले. स्थानिक पदाधिकारी, शिक्षक, विद्यार्थी व पालक उपस्थित होते.
